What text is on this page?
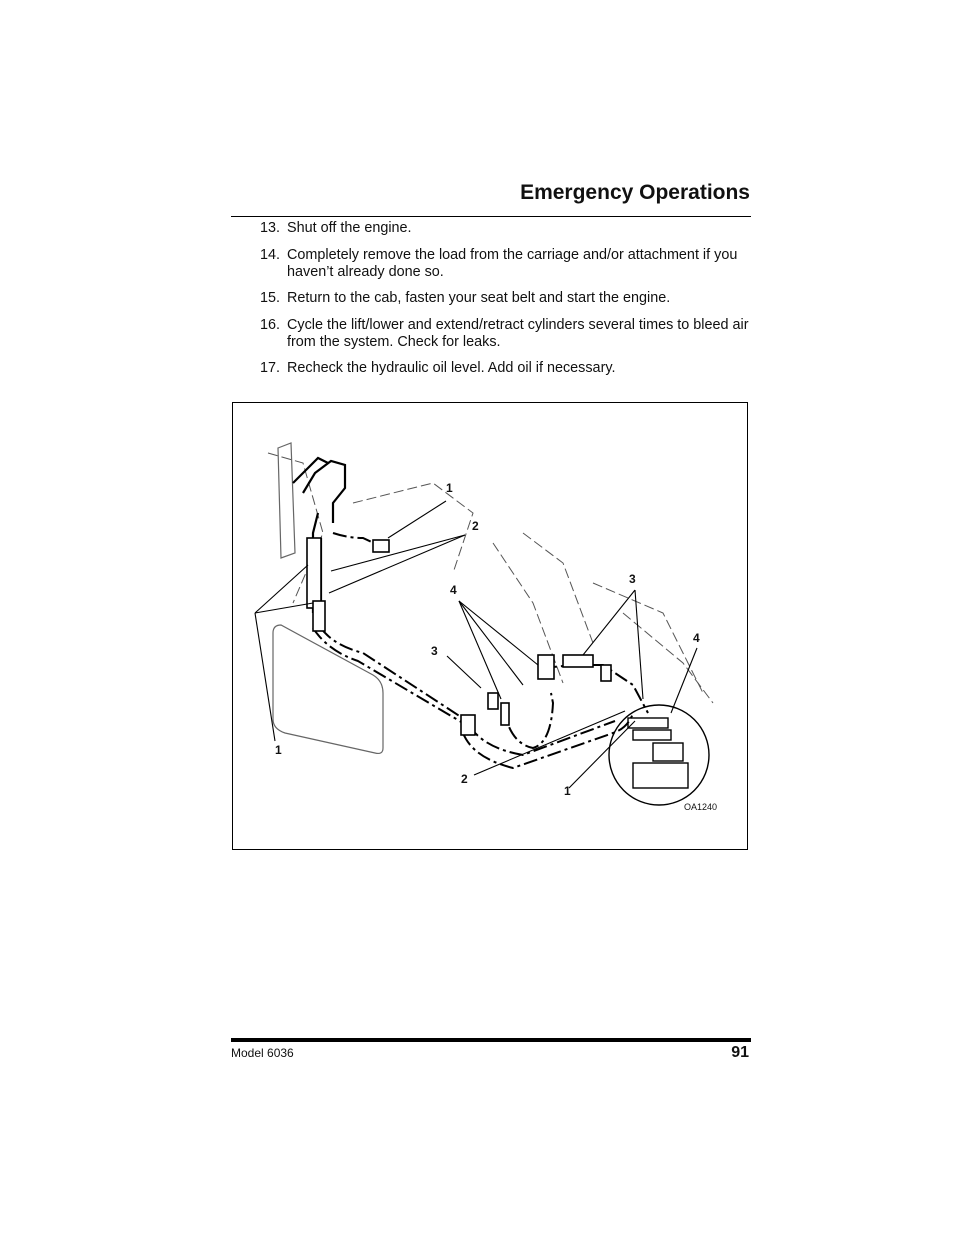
Emergency Operations
13. Shut off the engine.
14. Completely remove the load from the carriage and/or attachment if you haven’t already done so.
15. Return to the cab, fasten your seat belt and start the engine.
16. Cycle the lift/lower and extend/retract cylinders several times to bleed air from the system. Check for leaks.
17. Recheck the hydraulic oil level. Add oil if necessary.
1
2
3
4
3
4
1
2
1
OA1240
Model 6036	91
